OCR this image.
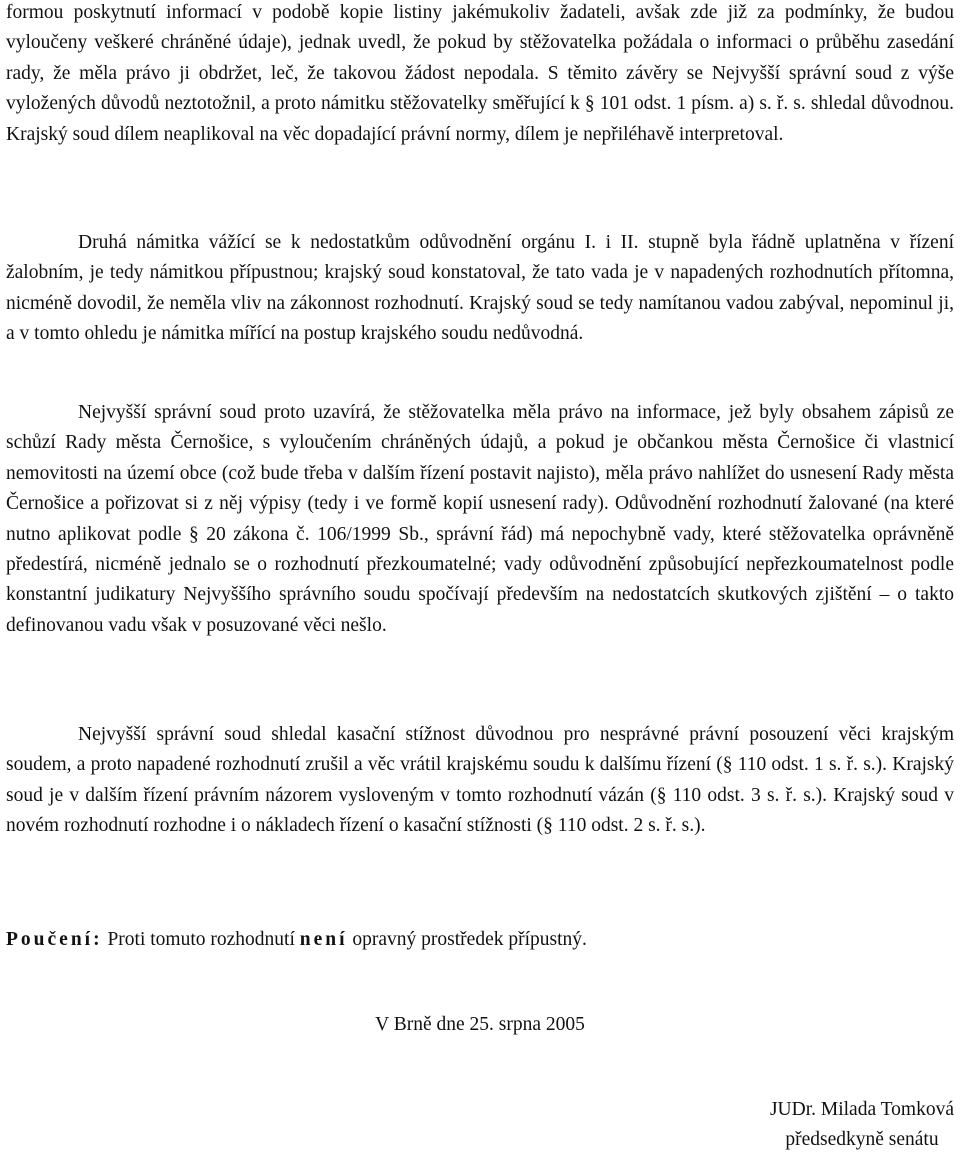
formou poskytnutí informací v podobě kopie listiny jakémukoliv žadateli, avšak zde již za podmínky, že budou vyloučeny veškeré chráněné údaje), jednak uvedl, že pokud by stěžovatelka požádala o informaci o průběhu zasedání rady, že měla právo ji obdržet, leč, že takovou žádost nepodala. S těmito závěry se Nejvyšší správní soud z výše vyložených důvodů neztotožnil, a proto námitku stěžovatelky směřující k § 101 odst. 1 písm. a) s. ř. s. shledal důvodnou. Krajský soud dílem neaplikoval na věc dopadající právní normy, dílem je nepřiléhavě interpretoval.
Druhá námitka vážící se k nedostatkům odůvodnění orgánu I. i II. stupně byla řádně uplatněna v řízení žalobním, je tedy námitkou přípustnou; krajský soud konstatoval, že tato vada je v napadených rozhodnutích přítomna, nicméně dovodil, že neměla vliv na zákonnost rozhodnutí. Krajský soud se tedy namítanou vadou zabýval, nepominul ji, a v tomto ohledu je námitka mířící na postup krajského soudu nedůvodná.
Nejvyšší správní soud proto uzavírá, že stěžovatelka měla právo na informace, jež byly obsahem zápisů ze schůzí Rady města Černošice, s vyloučením chráněných údajů, a pokud je občankou města Černošice či vlastnicí nemovitosti na území obce (což bude třeba v dalším řízení postavit najisto), měla právo nahlížet do usnesení Rady města Černošice a pořizovat si z něj výpisy (tedy i ve formě kopií usnesení rady). Odůvodnění rozhodnutí žalované (na které nutno aplikovat podle § 20 zákona č. 106/1999 Sb., správní řád) má nepochybně vady, které stěžovatelka oprávněně předestírá, nicméně jednalo se o rozhodnutí přezkoumatelné; vady odůvodnění způsobující nepřezkoumatelnost podle konstantní judikatury Nejvyššího správního soudu spočívají především na nedostatcích skutkových zjištění – o takto definovanou vadu však v posuzované věci nešlo.
Nejvyšší správní soud shledal kasační stížnost důvodnou pro nesprávné právní posouzení věci krajským soudem, a proto napadené rozhodnutí zrušil a věc vrátil krajskému soudu k dalšímu řízení (§ 110 odst. 1 s. ř. s.). Krajský soud je v dalším řízení právním názorem vysloveným v tomto rozhodnutí vázán (§ 110 odst. 3 s. ř. s.). Krajský soud v novém rozhodnutí rozhodne i o nákladech řízení o kasační stížnosti (§ 110 odst. 2 s. ř. s.).
Poučení: Proti tomuto rozhodnutí není opravný prostředek přípustný.
V Brně dne 25. srpna 2005
JUDr. Milada Tomková
předsedkyně senátu
